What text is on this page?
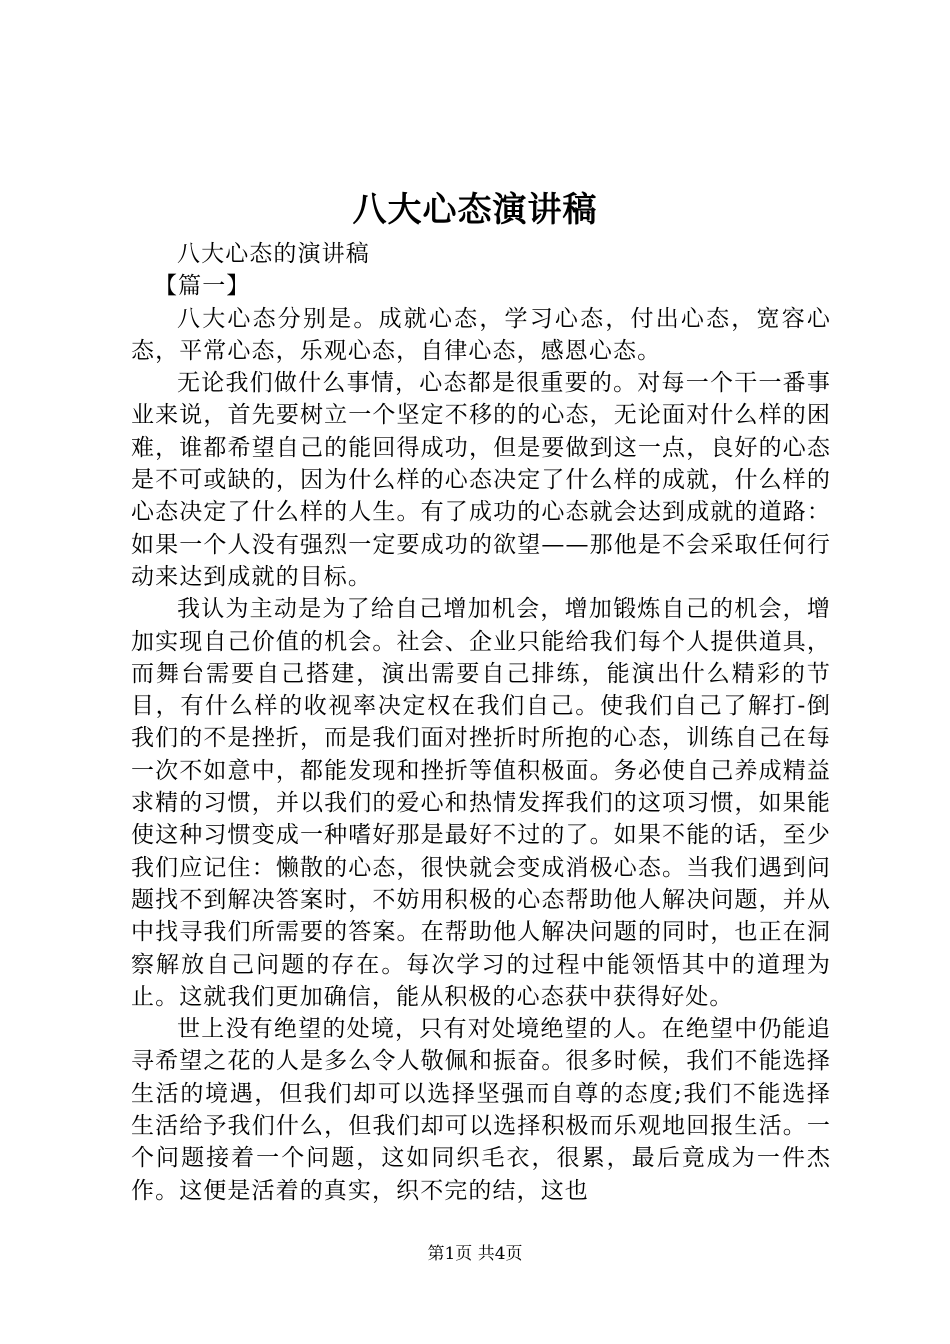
八大心态演讲稿

八大心态的演讲稿

【篇一】

八大心态分别是。成就心态，学习心态，付出心态，宽容心态，平常心态，乐观心态，自律心态，感恩心态。

无论我们做什么事情，心态都是很重要的。对每一个干一番事业来说，首先要树立一个坚定不移的的心态，无论面对什么样的困难，谁都希望自己的能回得成功，但是要做到这一点，良好的心态是不可或缺的，因为什么样的心态决定了什么样的成就，什么样的心态决定了什么样的人生。有了成功的心态就会达到成就的道路：如果一个人没有强烈一定要成功的欲望——那他是不会采取任何行动来达到成就的目标。

我认为主动是为了给自己增加机会，增加锻炼自己的机会，增加实现自己价值的机会。社会、企业只能给我们每个人提供道具，而舞台需要自己搭建，演出需要自己排练，能演出什么精彩的节目，有什么样的收视率决定权在我们自己。使我们自己了解打-倒我们的不是挫折，而是我们面对挫折时所抱的心态，训练自己在每一次不如意中，都能发现和挫折等值积极面。务必使自己养成精益求精的习惯，并以我们的爱心和热情发挥我们的这项习惯，如果能使这种习惯变成一种嗜好那是最好不过的了。如果不能的话，至少我们应记住：懒散的心态，很快就会变成消极心态。当我们遇到问题找不到解决答案时，不妨用积极的心态帮助他人解决问题，并从中找寻我们所需要的答案。在帮助他人解决问题的同时，也正在洞察解放自己问题的存在。每次学习的过程中能领悟其中的道理为止。这就我们更加确信，能从积极的心态获中获得好处。

世上没有绝望的处境，只有对处境绝望的人。在绝望中仍能追寻希望之花的人是多么令人敬佩和振奋。很多时候，我们不能选择生活的境遇，但我们却可以选择坚强而自尊的态度;我们不能选择生活给予我们什么，但我们却可以选择积极而乐观地回报生活。一个问题接着一个问题，这如同织毛衣，很累，最后竟成为一件杰作。这便是活着的真实，织不完的结，这也

第1页 共4页
